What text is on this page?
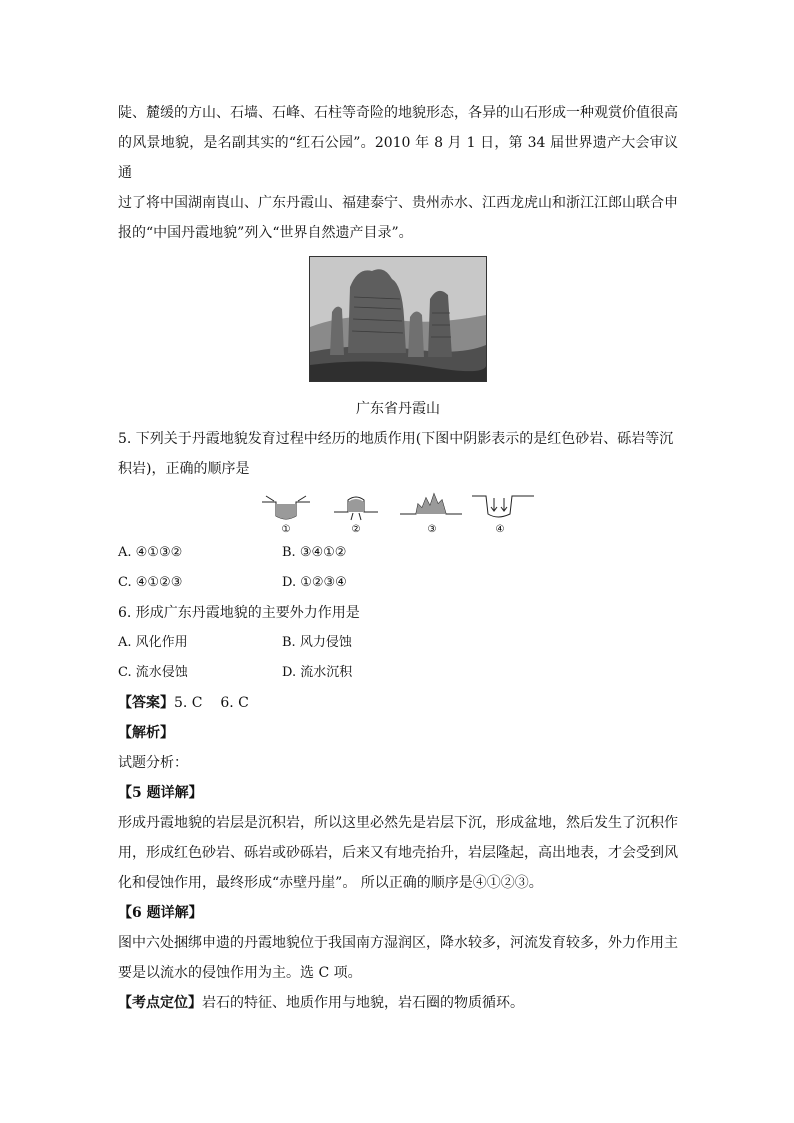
陡、麓缓的方山、石墙、石峰、石柱等奇险的地貌形态，各异的山石形成一种观赏价值很高

的风景地貌，是名副其实的“红石公园”。2010 年 8 月 1 日，第 34 届世界遗产大会审议通

过了将中国湖南崀山、广东丹霞山、福建泰宁、贵州赤水、江西龙虎山和浙江江郎山联合申

报的“中国丹霞地貌”列入“世界自然遗产目录”。

广东省丹霞山

5. 下列关于丹霞地貌发育过程中经历的地质作用(下图中阴影表示的是红色砂岩、砾岩等沉

积岩)，正确的顺序是

①	②	③	④
A. ④①③②	B. ③④①②
C. ④①②③	D. ①②③④

6. 形成广东丹霞地貌的主要外力作用是

A. 风化作用	B. 风力侵蚀
C. 流水侵蚀	D. 流水沉积

【答案】5. C    6. C

【解析】

试题分析：

【5 题详解】

形成丹霞地貌的岩层是沉积岩，所以这里必然先是岩层下沉，形成盆地，然后发生了沉积作

用，形成红色砂岩、砾岩或砂砾岩，后来又有地壳抬升，岩层隆起，高出地表，才会受到风

化和侵蚀作用，最终形成“赤壁丹崖”。 所以正确的顺序是④①②③。

【6 题详解】

图中六处捆绑申遗的丹霞地貌位于我国南方湿润区，降水较多，河流发育较多，外力作用主

要是以流水的侵蚀作用为主。选 C 项。

【考点定位】岩石的特征、地质作用与地貌，岩石圈的物质循环。
